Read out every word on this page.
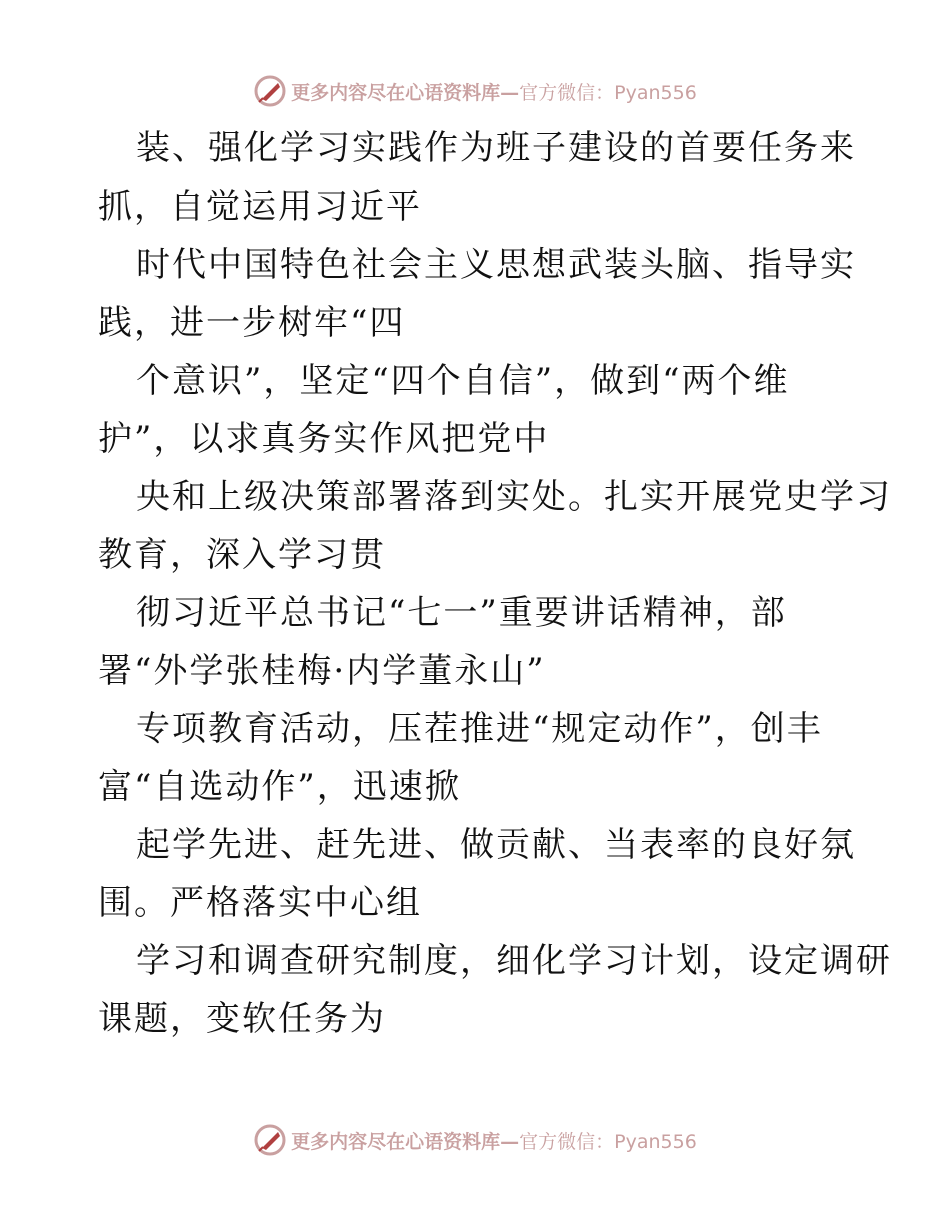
更多内容尽在心语资料库— 官方微信：Pyan556
装、强化学习实践作为班子建设的首要任务来
抓，自觉运用习近平
时代中国特色社会主义思想武装头脑、指导实
践，进一步树牢“四
个意识”，坚定“四个自信”，做到“两个维
护”，以求真务实作风把党中
央和上级决策部署落到实处。扎实开展党史学习
教育，深入学习贯
彻习近平总书记“七一”重要讲话精神，部
署“外学张桂梅·内学董永山”
专项教育活动，压茬推进“规定动作”，创丰
富“自选动作”，迅速掀
起学先进、赶先进、做贡献、当表率的良好氛
围。严格落实中心组
学习和调查研究制度，细化学习计划，设定调研
课题，变软任务为
更多内容尽在心语资料库— 官方微信：Pyan556
